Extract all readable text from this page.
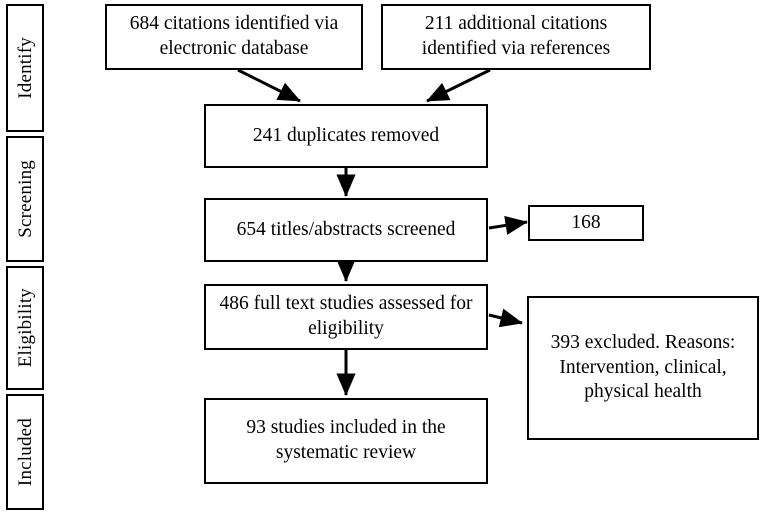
Identify
Screening
Eligibility
Included
684 citations identified via electronic database
211 additional citations identified via references
241 duplicates removed
654 titles/abstracts screened	168
486 full text studies assessed for eligibility
393 excluded. Reasons: Intervention, clinical, physical health
93 studies included in the systematic review
